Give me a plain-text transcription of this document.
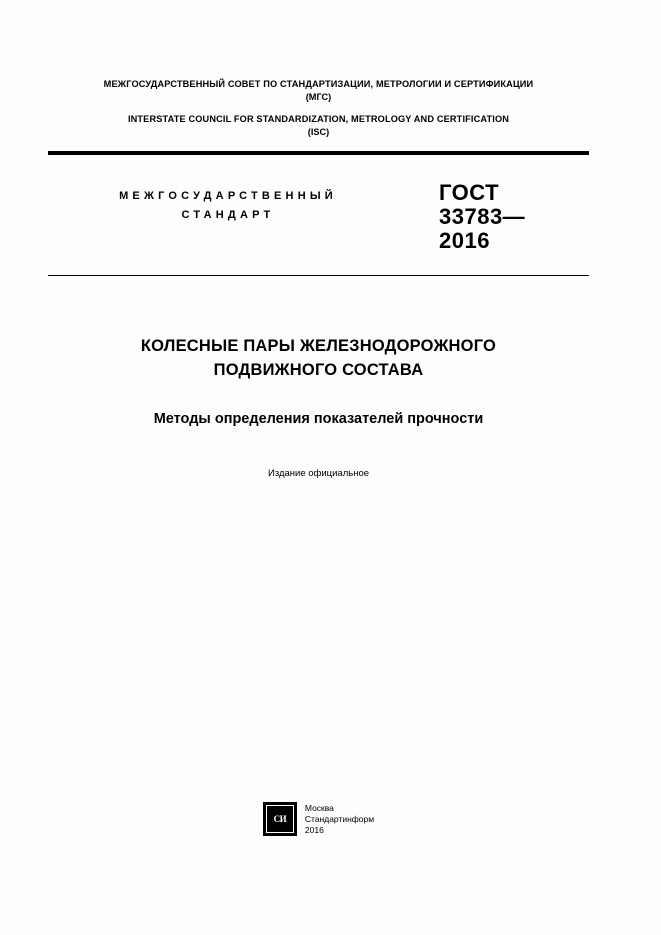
МЕЖГОСУДАРСТВЕННЫЙ СОВЕТ ПО СТАНДАРТИЗАЦИИ, МЕТРОЛОГИИ И СЕРТИФИКАЦИИ
(МГС)
INTERSTATE COUNCIL FOR STANDARDIZATION, METROLOGY AND CERTIFICATION
(ISC)
МЕЖГОСУДАРСТВЕННЫЙ
СТАНДАРТ
ГОСТ
33783—
2016
КОЛЕСНЫЕ ПАРЫ ЖЕЛЕЗНОДОРОЖНОГО
ПОДВИЖНОГО СОСТАВА
Методы определения показателей прочности
Издание официальное
СИ
Москва
Стандартинформ
2016
